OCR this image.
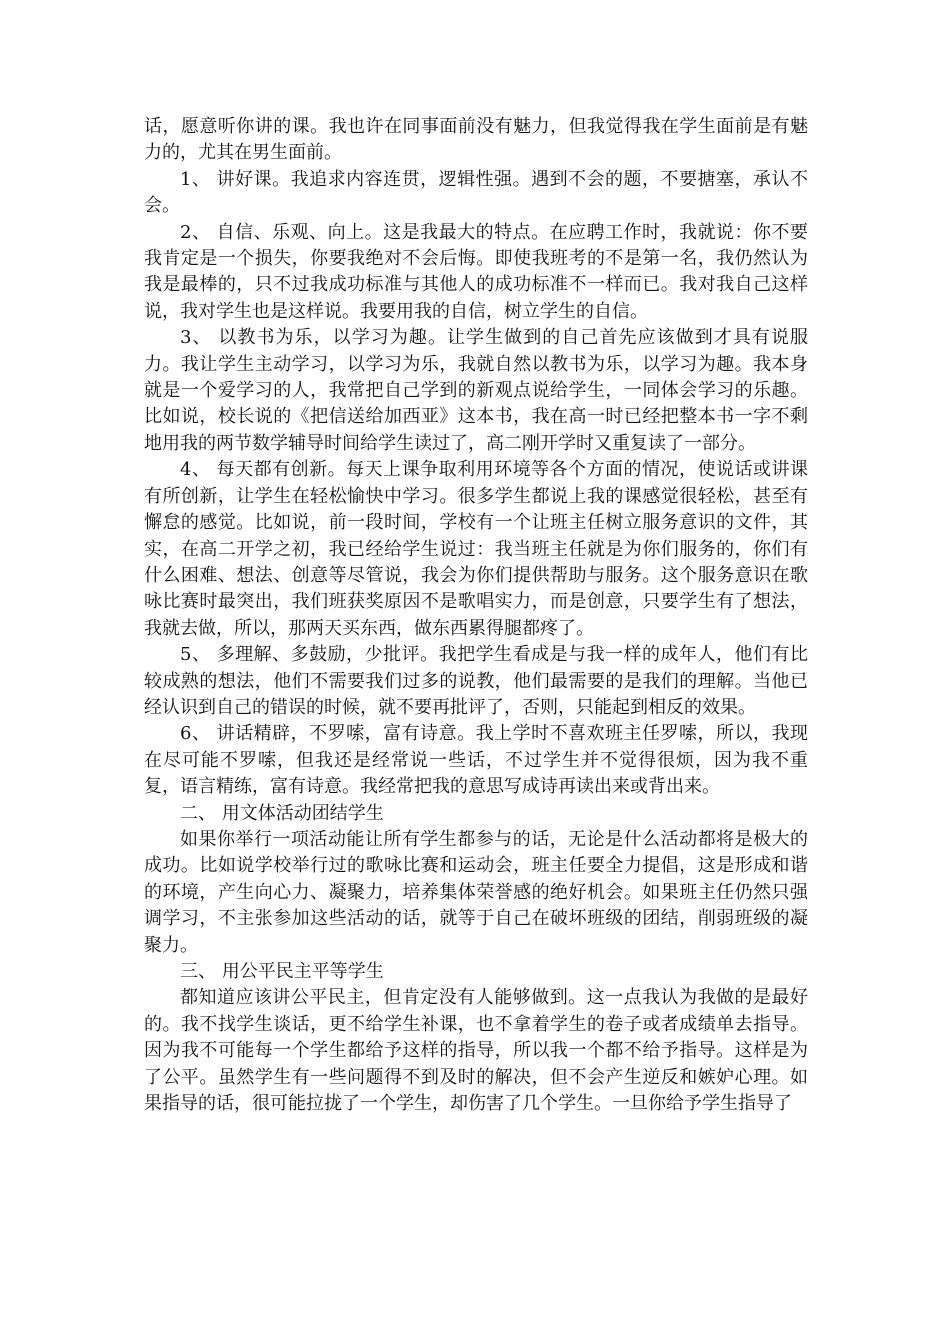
话，愿意听你讲的课。我也许在同事面前没有魅力，但我觉得我在学生面前是有魅力的，尤其在男生面前。

1、 讲好课。我追求内容连贯，逻辑性强。遇到不会的题，不要搪塞，承认不会。

2、 自信、乐观、向上。这是我最大的特点。在应聘工作时，我就说：你不要我肯定是一个损失，你要我绝对不会后悔。即使我班考的不是第一名，我仍然认为我是最棒的，只不过我成功标准与其他人的成功标准不一样而已。我对我自己这样说，我对学生也是这样说。我要用我的自信，树立学生的自信。

3、 以教书为乐，以学习为趣。让学生做到的自己首先应该做到才具有说服力。我让学生主动学习，以学习为乐，我就自然以教书为乐，以学习为趣。我本身就是一个爱学习的人，我常把自己学到的新观点说给学生，一同体会学习的乐趣。比如说，校长说的《把信送给加西亚》这本书，我在高一时已经把整本书一字不剩地用我的两节数学辅导时间给学生读过了，高二刚开学时又重复读了一部分。

4、 每天都有创新。每天上课争取利用环境等各个方面的情况，使说话或讲课有所创新，让学生在轻松愉快中学习。很多学生都说上我的课感觉很轻松，甚至有懈怠的感觉。比如说，前一段时间，学校有一个让班主任树立服务意识的文件，其实，在高二开学之初，我已经给学生说过：我当班主任就是为你们服务的，你们有什么困难、想法、创意等尽管说，我会为你们提供帮助与服务。这个服务意识在歌咏比赛时最突出，我们班获奖原因不是歌唱实力，而是创意，只要学生有了想法，我就去做，所以，那两天买东西，做东西累得腿都疼了。

5、 多理解、多鼓励，少批评。我把学生看成是与我一样的成年人，他们有比较成熟的想法，他们不需要我们过多的说教，他们最需要的是我们的理解。当他已经认识到自己的错误的时候，就不要再批评了，否则，只能起到相反的效果。

6、 讲话精辟，不罗嗦，富有诗意。我上学时不喜欢班主任罗嗦，所以，我现在尽可能不罗嗦，但我还是经常说一些话，不过学生并不觉得很烦，因为我不重复，语言精练，富有诗意。我经常把我的意思写成诗再读出来或背出来。

二、 用文体活动团结学生

如果你举行一项活动能让所有学生都参与的话，无论是什么活动都将是极大的成功。比如说学校举行过的歌咏比赛和运动会，班主任要全力提倡，这是形成和谐的环境，产生向心力、凝聚力，培养集体荣誉感的绝好机会。如果班主任仍然只强调学习，不主张参加这些活动的话，就等于自己在破坏班级的团结，削弱班级的凝聚力。

三、 用公平民主平等学生

都知道应该讲公平民主，但肯定没有人能够做到。这一点我认为我做的是最好的。我不找学生谈话，更不给学生补课，也不拿着学生的卷子或者成绩单去指导。因为我不可能每一个学生都给予这样的指导，所以我一个都不给予指导。这样是为了公平。虽然学生有一些问题得不到及时的解决，但不会产生逆反和嫉妒心理。如果指导的话，很可能拉拢了一个学生，却伤害了几个学生。一旦你给予学生指导了
